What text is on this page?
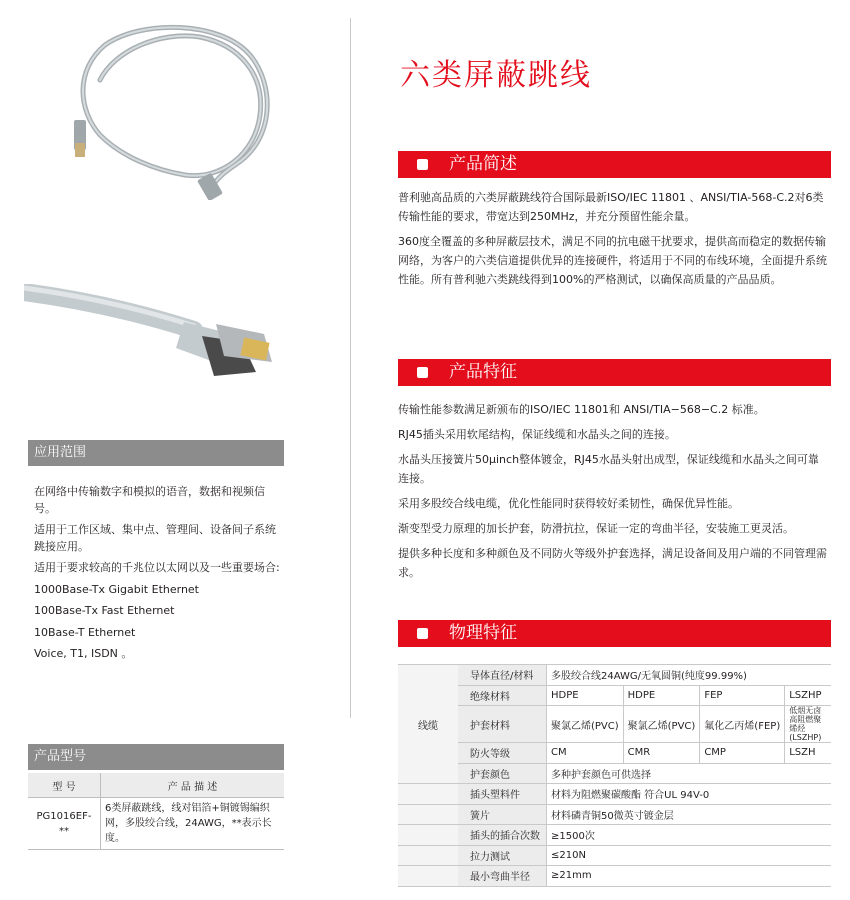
应用范围

在网络中传输数字和模拟的语音，数据和视频信号。

适用于工作区域、集中点、管理间、设备间子系统跳接应用。

适用于要求较高的千兆位以太网以及一些重要场合:

1000Base-Tx Gigabit Ethernet

100Base-Tx Fast Ethernet

10Base-T Ethernet

Voice, T1, ISDN 。

产品型号
型 号	产 品 描 述
PG1016EF-**	6类屏蔽跳线，线对铝箔+铜镀锡编织网，多股绞合线，24AWG，**表示长度。
六类屏蔽跳线
产品简述

普利驰高品质的六类屏蔽跳线符合国际最新ISO/IEC 11801 、ANSI/TIA-568-C.2对6类传输性能的要求，带宽达到250MHz，并充分预留性能余量。

360度全覆盖的多种屏蔽层技术，满足不同的抗电磁干扰要求，提供高而稳定的数据传输网络，为客户的六类信道提供优异的连接硬件，将适用于不同的布线环境，全面提升系统性能。所有普利驰六类跳线得到100%的严格测试，以确保高质量的产品品质。

产品特征

传输性能参数满足新颁布的ISO/IEC 11801和 ANSI/TIA−568−C.2 标准。

RJ45插头采用软尾结构，保证线缆和水晶头之间的连接。

水晶头压接簧片50μinch整体镀金，RJ45水晶头射出成型，保证线缆和水晶头之间可靠连接。

采用多股绞合线电缆，优化性能同时获得较好柔韧性，确保优异性能。

渐变型受力原理的加长护套，防滑抗拉，保证一定的弯曲半径，安装施工更灵活。

提供多种长度和多种颜色及不同防火等级外护套选择，满足设备间及用户端的不同管理需求。

物理特征
线缆	导体直径/材料	多股绞合线24AWG/无氧圆铜(纯度99.99%)			
	绝缘材料	HDPE	HDPE	FEP	LSZHP
	护套材料	聚氯乙烯(PVC)	聚氯乙烯(PVC)	氟化乙丙烯(FEP)	低烟无卤高阻燃聚烯烃(LSZHP)
	防火等级	CM	CMR	CMP	LSZH
	护套颜色	多种护套颜色可供选择			
	插头塑料件	材料为阻燃聚碳酸酯 符合UL 94V-0			
	簧片	材料磷青铜50微英寸镀金层			
	插头的插合次数	≥1500次			
	拉力测试	≤210N			
	最小弯曲半径	≥21mm			
